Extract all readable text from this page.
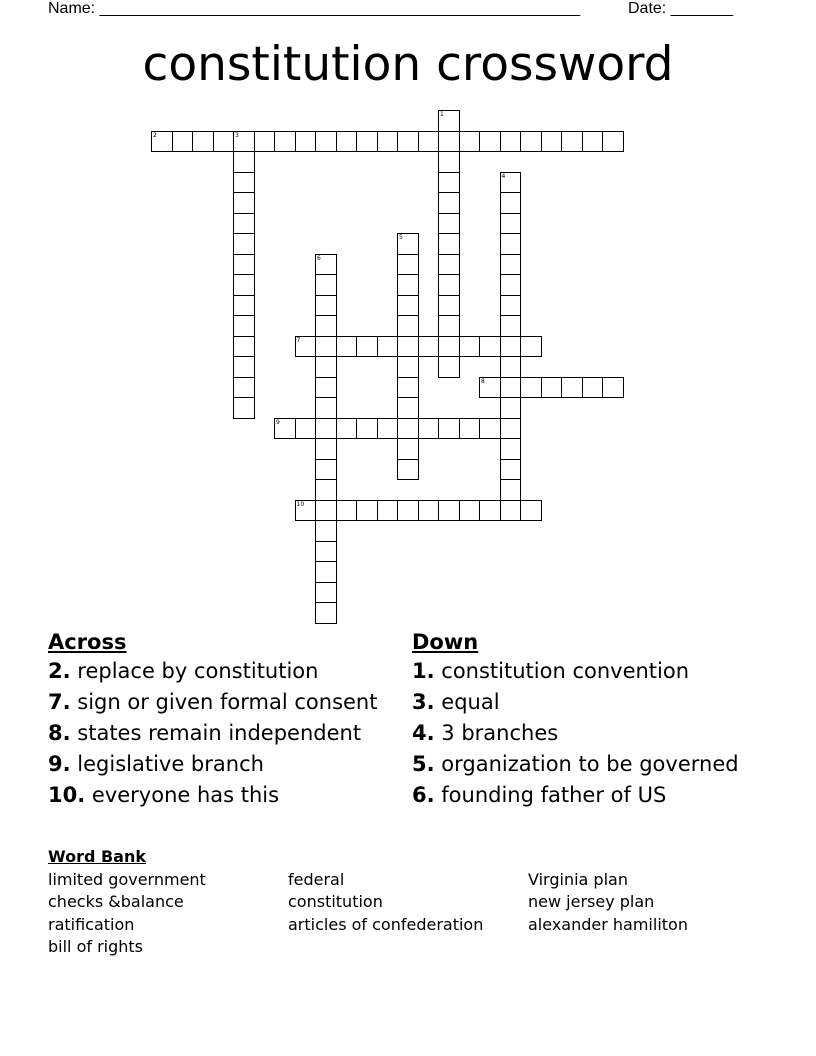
Name: ______________________________________________________	Date: _______
constitution crossword
1
2	3
4
5
6
7
8
9
10
Across
2. replace by constitution
7. sign or given formal consent
8. states remain independent
9. legislative branch
10. everyone has this
Down
1. constitution convention
3. equal
4. 3 branches
5. organization to be governed
6. founding father of US
Word Bank
limited government	federal	Virginia plan
checks &balance	constitution	new jersey plan
ratification	articles of confederation	alexander hamiliton
bill of rights
